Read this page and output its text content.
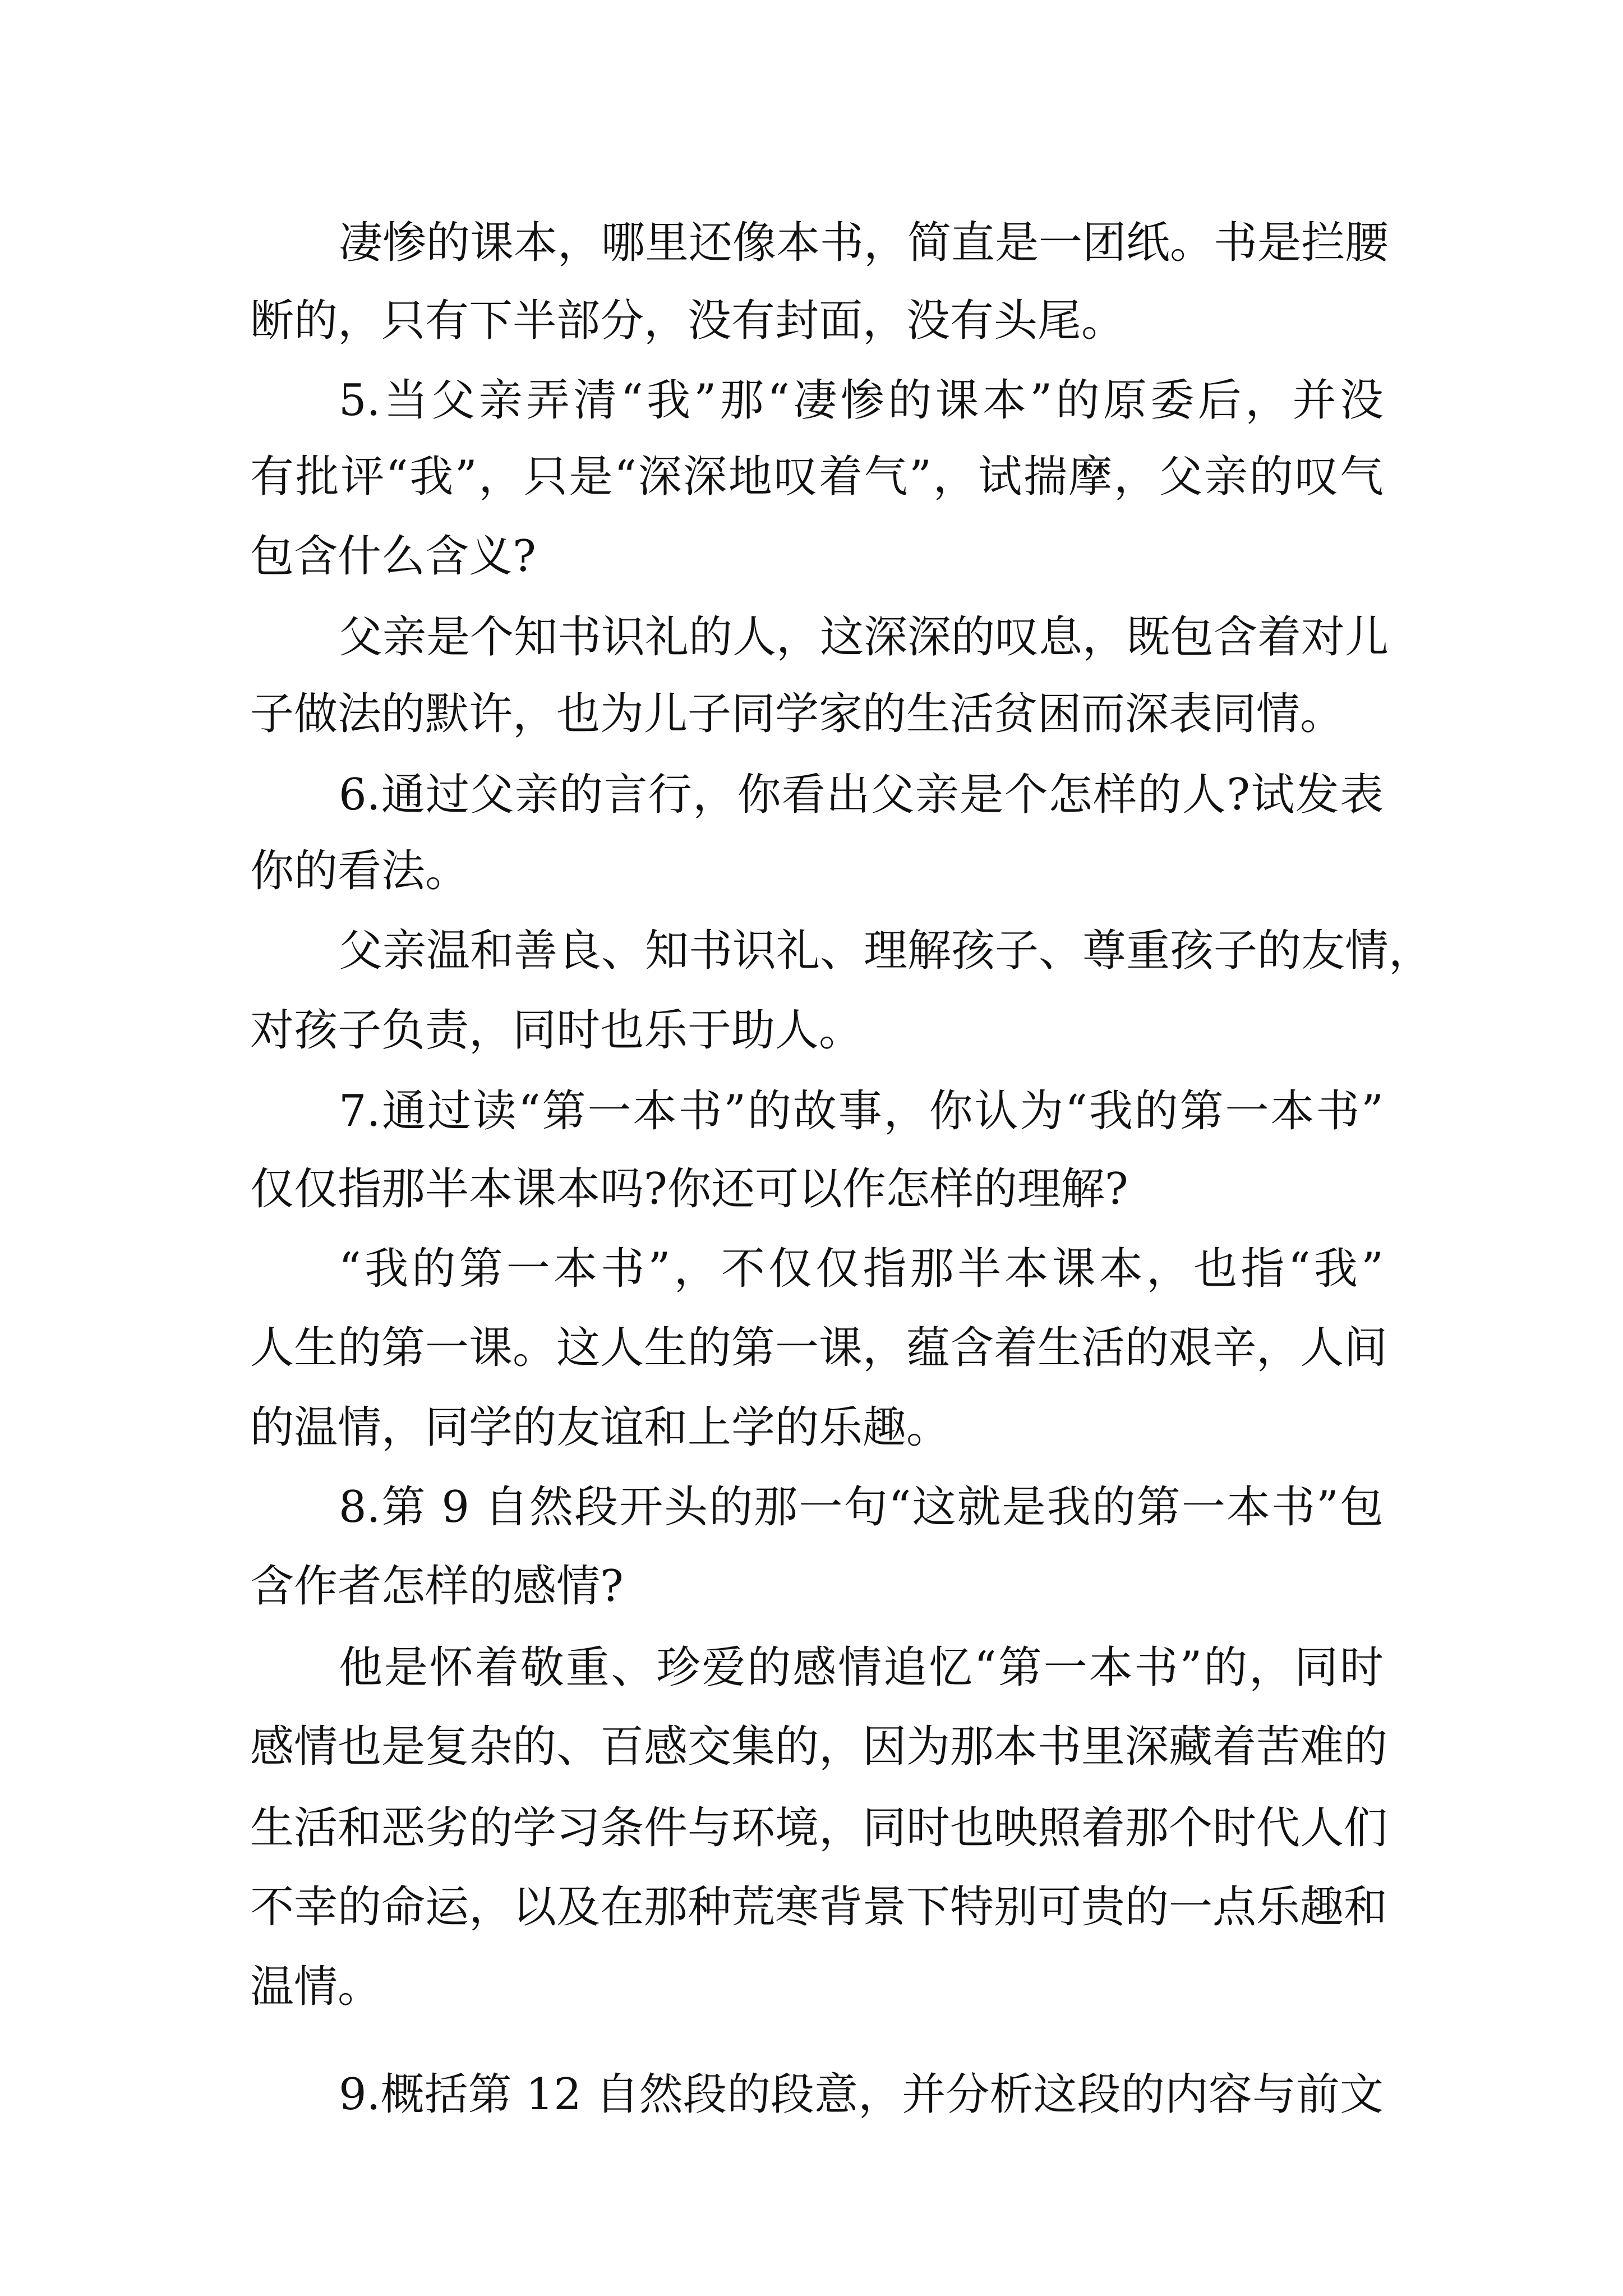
凄惨的课本，哪里还像本书，简直是一团纸。书是拦腰
断的，只有下半部分，没有封面，没有头尾。
5.当父亲弄清“我”那“凄惨的课本”的原委后，并没
有批评“我”，只是“深深地叹着气”，试揣摩，父亲的叹气
包含什么含义?
父亲是个知书识礼的人，这深深的叹息，既包含着对儿
子做法的默许，也为儿子同学家的生活贫困而深表同情。
6.通过父亲的言行，你看出父亲是个怎样的人?试发表
你的看法。
父亲温和善良、知书识礼、理解孩子、尊重孩子的友情，
对孩子负责，同时也乐于助人。
7.通过读“第一本书”的故事，你认为“我的第一本书”
仅仅指那半本课本吗?你还可以作怎样的理解?
“我的第一本书”，不仅仅指那半本课本，也指“我”
人生的第一课。这人生的第一课，蕴含着生活的艰辛，人间
的温情，同学的友谊和上学的乐趣。
8.第 9 自然段开头的那一句“这就是我的第一本书”包
含作者怎样的感情?
他是怀着敬重、珍爱的感情追忆“第一本书”的，同时
感情也是复杂的、百感交集的，因为那本书里深藏着苦难的
生活和恶劣的学习条件与环境，同时也映照着那个时代人们
不幸的命运，以及在那种荒寒背景下特别可贵的一点乐趣和
温情。
9.概括第 12 自然段的段意，并分析这段的内容与前文
